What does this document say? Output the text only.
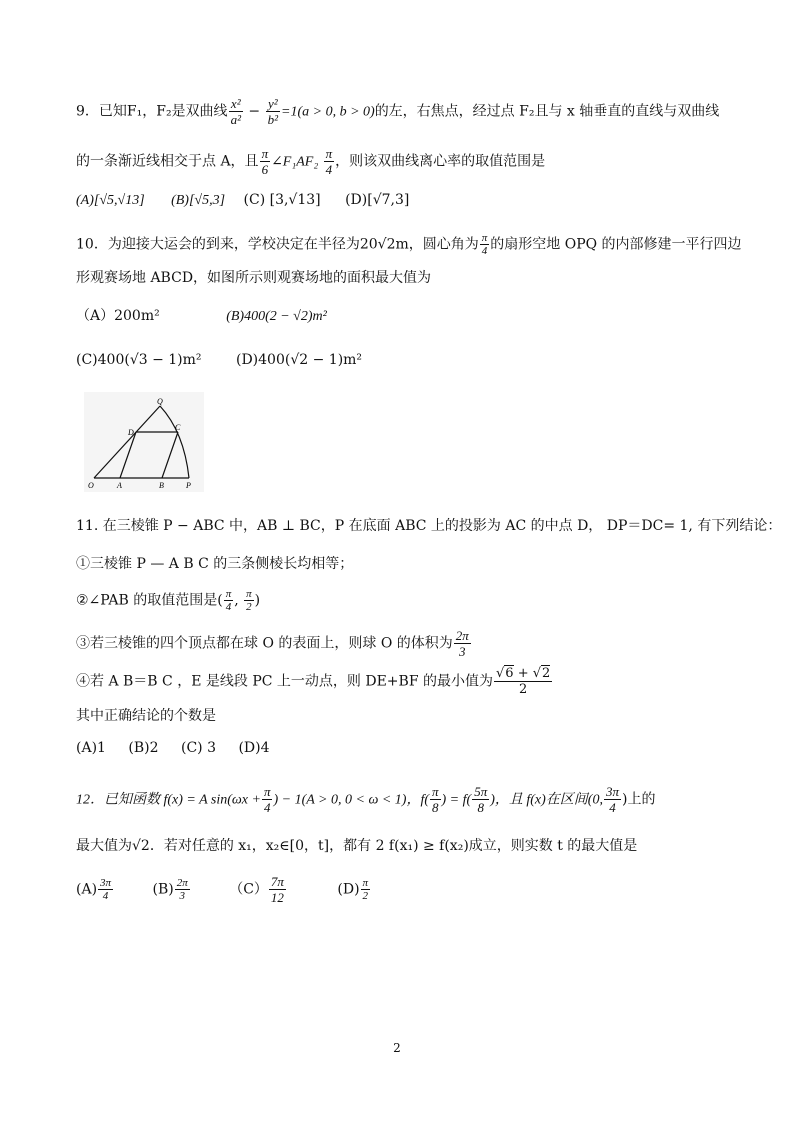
9．已知F₁，F₂是双曲线 $\frac{\text{x²}}{\text{a²}} - \frac{\text{y²}}{\text{b²}} =1(a > 0$, b > 0)的左，右焦点，经过点 F₂且与 x 轴垂直的直线与双曲线
的一条渐近线相交于点 A，且 $\frac{\pi}{6}$ ∠F₁AF₂ $\frac{\pi}{4}$ ，则该双曲线离心率的取值范围是
(A)[√5,√13] (B)[√5,3] (C) [3,√13] (D)[√7,3]
10．为迎接大运会的到来，学校决定在半径为20√2m，圆心角为 $\frac{\pi}{4}$ 的扇形空地 OPQ 的内部修建一平行四边
形观赛场地 ABCD，如图所示则观赛场地的面积最大值为
（A）200m²	(B)400(2 − √2)m²
(C)400(√3 − 1)m² (D)400(√2 − 1)m²
Q
D
C
O	A	B	P
11. 在三棱锥 P − ABC 中，AB ⊥ BC，P 在底面 ABC 上的投影为 AC 的中点 D， DP＝DC= 1, 有下列结论：
①三棱锥 P — A B C 的三条侧棱长均相等；
②∠PAB 的取值范围是( $\frac{\pi}{4}$ , $\frac{\pi}{2}$ )
③若三棱锥的四个顶点都在球 O 的表面上，则球 O 的体积为 $\frac{2\pi}{3}$
④若 A B＝B C ，E 是线段 PC 上一动点，则 DE+BF 的最小值为 $\frac{√6 + √2}{2}$
其中正确结论的个数是
(A)1 (B)2 (C) 3 (D)4
12．已知函数 f(x) = A $\sin(\omega x + \frac{\pi}{4}$ ) − 1(A > 0, 0 < ω < 1)，$f( \frac{\pi}{8}$ ) = $f( \frac{5\pi}{8}$ )，且 f(x)在区间(0, $\frac{3\pi}{4}$ )上的
最大值为√2．若对任意的 x₁，x₂∈[0，t]，都有 2 f(x₁) ≥ f(x₂)成立，则实数 t 的最大值是
$(A) \frac{3\pi}{4}$	$(B) \frac{2\pi}{3}$	$(C) \frac{7\pi}{12}$	$(D) \frac{\pi}{2}$
2
